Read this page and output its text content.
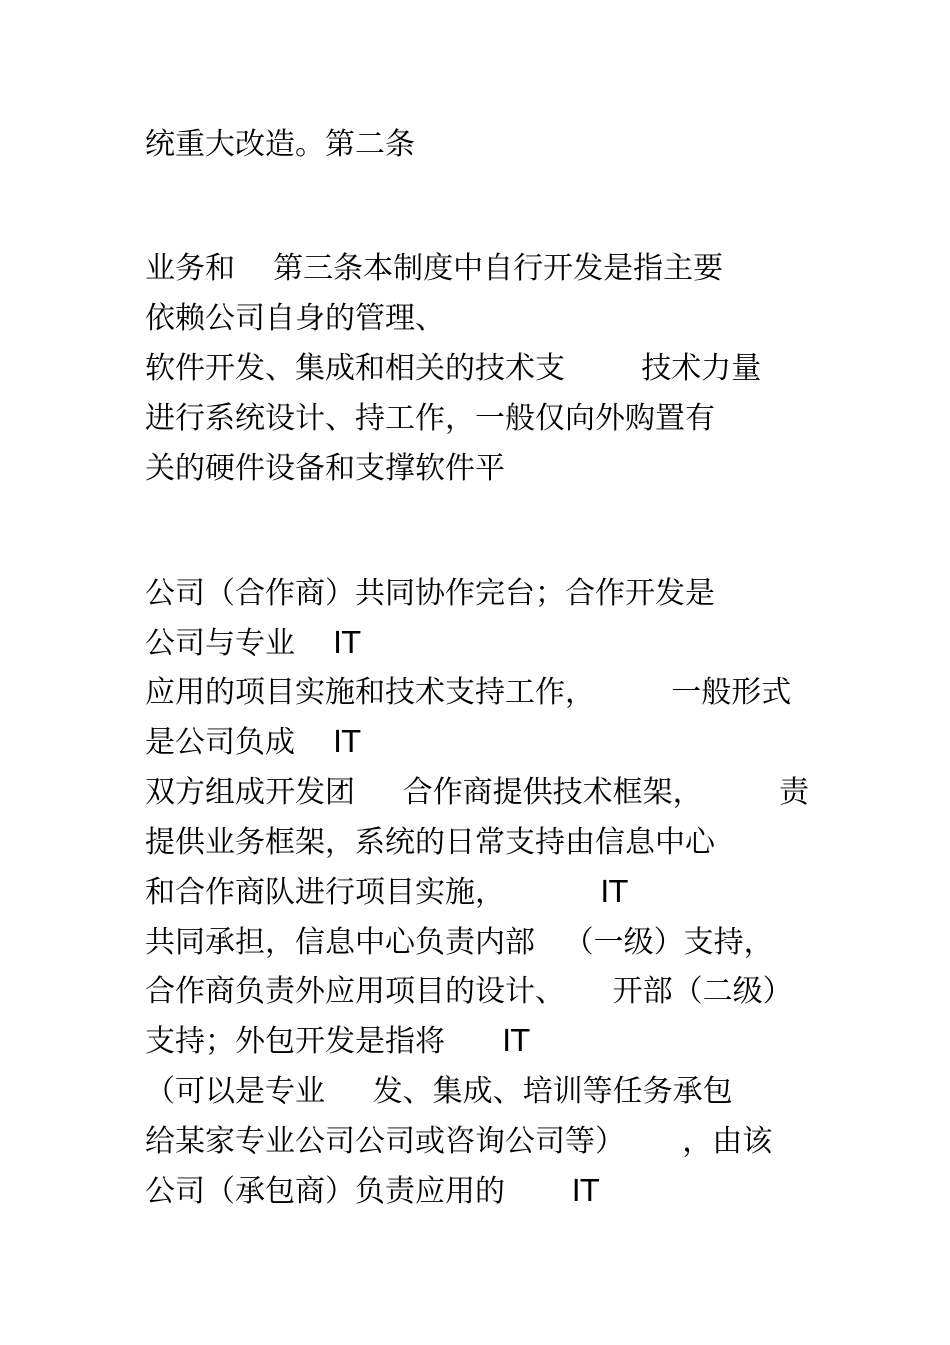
统重大改造。第二条
业务和    第三条本制度中自行开发是指主要
依赖公司自身的管理、
软件开发、集成和相关的技术支        技术力量
进行系统设计、持工作，一般仅向外购置有
关的硬件设备和支撑软件平
公司（合作商）共同协作完台；合作开发是
公司与专业    IT
应用的项目实施和技术支持工作，        一般形式
是公司负成    IT
双方组成开发团     合作商提供技术框架，        责
提供业务框架，系统的日常支持由信息中心
和合作商队进行项目实施，          IT
共同承担，信息中心负责内部   （一级）支持，
合作商负责外应用项目的设计、     开部（二级）
支持；外包开发是指将      IT
（可以是专业     发、集成、培训等任务承包
给某家专业公司公司或咨询公司等）      ，由该
公司（承包商）负责应用的       IT
